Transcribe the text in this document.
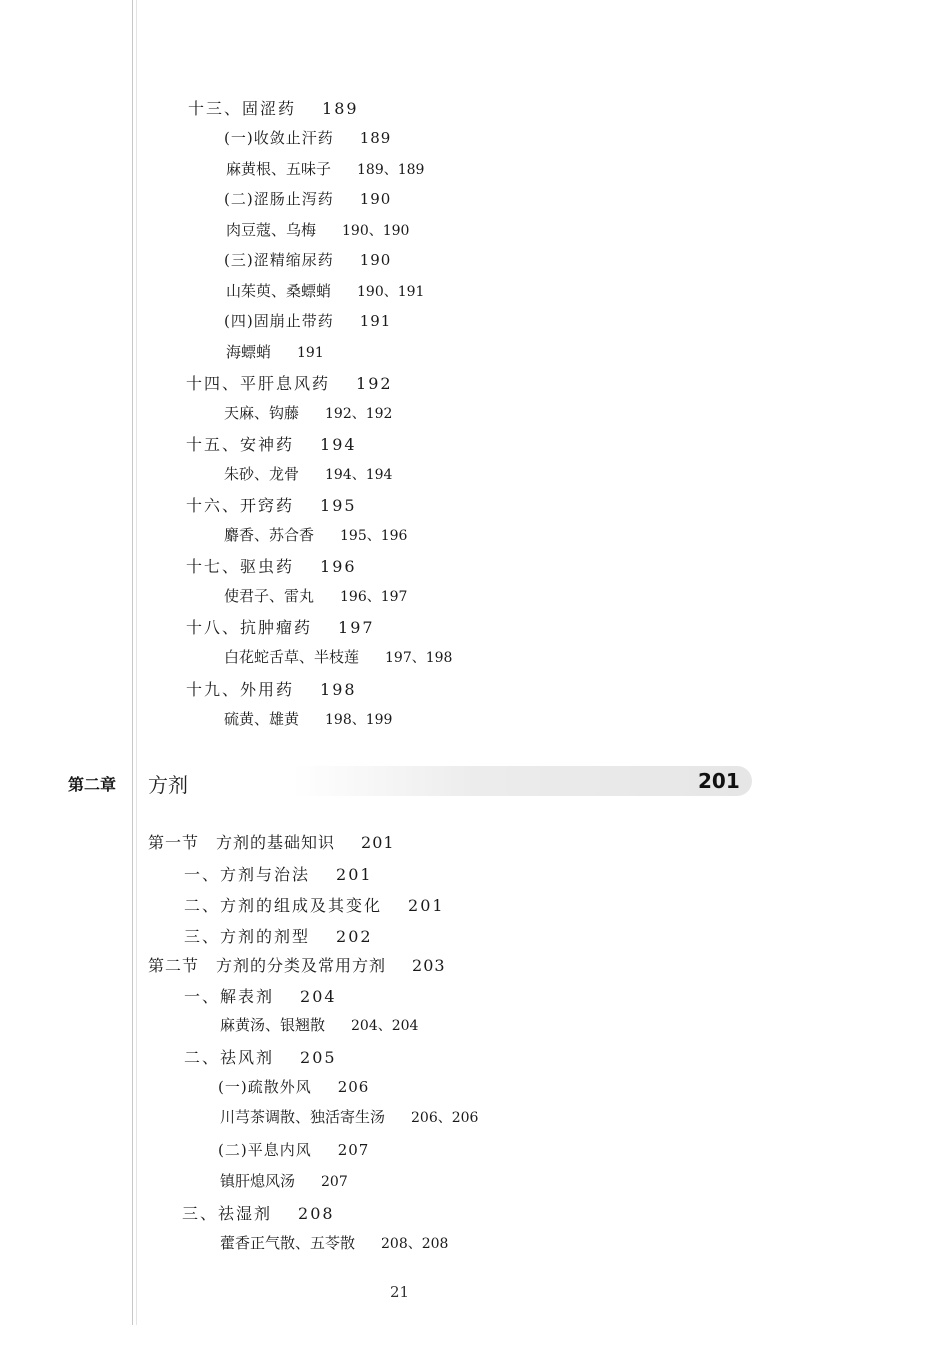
十三、固涩药 189
(一)收敛止汗药 189
麻黄根、五味子 189、189
(二)涩肠止泻药 190
肉豆蔻、乌梅 190、190
(三)涩精缩尿药 190
山茱萸、桑螵蛸 190、191
(四)固崩止带药 191
海螵蛸 191
十四、平肝息风药 192
天麻、钩藤 192、192
十五、安神药 194
朱砂、龙骨 194、194
十六、开窍药 195
麝香、苏合香 195、196
十七、驱虫药 196
使君子、雷丸 196、197
十八、抗肿瘤药 197
白花蛇舌草、半枝莲 197、198
十九、外用药 198
硫黄、雄黄 198、199
第二章 方剂	201
第一节　方剂的基础知识 201
一、方剂与治法 201
二、方剂的组成及其变化 201
三、方剂的剂型 202
第二节　方剂的分类及常用方剂 203
一、解表剂 204
麻黄汤、银翘散 204、204
二、祛风剂 205
(一)疏散外风 206
川芎茶调散、独活寄生汤 206、206
(二)平息内风 207
镇肝熄风汤 207
三、祛湿剂 208
藿香正气散、五苓散 208、208
21
